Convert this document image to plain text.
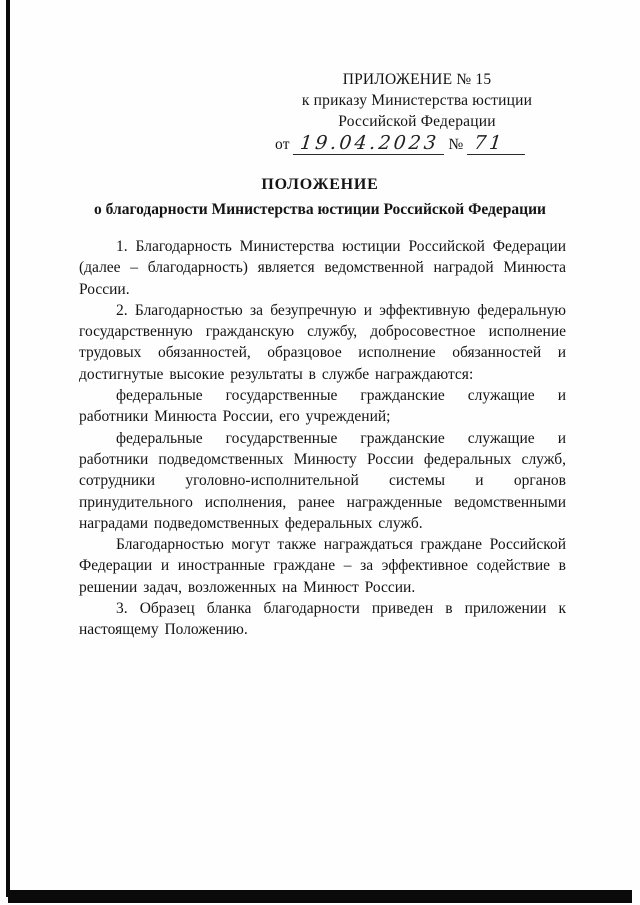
ПРИЛОЖЕНИЕ № 15
к приказу Министерства юстиции
Российской Федерации
от 19.04.2023 № 71

ПОЛОЖЕНИЕ

о благодарности Министерства юстиции Российской Федерации

1. Благодарность Министерства юстиции Российской Федерации (далее – благодарность) является ведомственной наградой Минюста России.

2. Благодарностью за безупречную и эффективную федеральную государственную гражданскую службу, добросовестное исполнение трудовых обязанностей, образцовое исполнение обязанностей и достигнутые высокие результаты в службе награждаются:

федеральные государственные гражданские служащие и работники Минюста России, его учреждений;

федеральные государственные гражданские служащие и работники подведомственных Минюсту России федеральных служб, сотрудники уголовно-исполнительной системы и органов принудительного исполнения, ранее награжденные ведомственными наградами подведомственных федеральных служб.

Благодарностью могут также награждаться граждане Российской Федерации и иностранные граждане – за эффективное содействие в решении задач, возложенных на Минюст России.

3. Образец бланка благодарности приведен в приложении к настоящему Положению.
